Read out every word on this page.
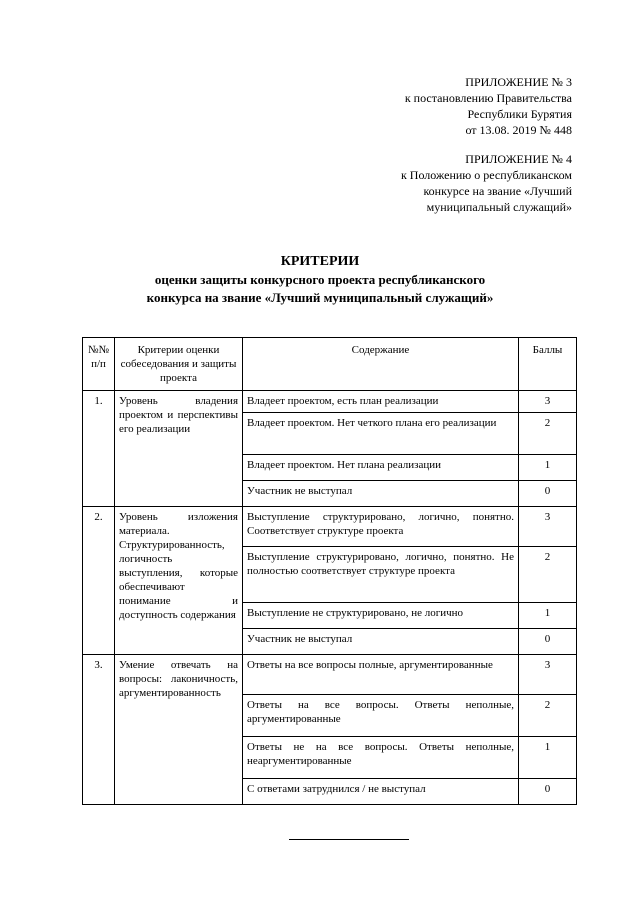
ПРИЛОЖЕНИЕ № 3
к постановлению Правительства
Республики Бурятия
от 13.08. 2019 № 448
ПРИЛОЖЕНИЕ № 4
к Положению о республиканском
конкурсе на звание «Лучший
муниципальный служащий»
КРИТЕРИИ
оценки защиты конкурсного проекта республиканского
конкурса на звание «Лучший муниципальный служащий»
№№ п/п	Критерии оценки собеседования и защиты проекта	Содержание	Баллы
1.	Уровень владения проектом и перспективы его реализации	Владеет проектом, есть план реализации	3
		Владеет проектом. Нет четкого плана его реализации	2
		Владеет проектом. Нет плана реализации	1
		Участник не выступал	0
2.	Уровень изложения материала. Структурированность, логичность выступления, которые обеспечивают понимание и доступность содержания	Выступление структурировано, логично, понятно. Соответствует структуре проекта	3
		Выступление структурировано, логично, понятно. Не полностью соответствует структуре проекта	2
		Выступление не структурировано, не логично	1
		Участник не выступал	0
3.	Умение отвечать на вопросы: лаконичность, аргументированность	Ответы на все вопросы полные, аргументированные	3
		Ответы на все вопросы. Ответы неполные, аргументированные	2
		Ответы не на все вопросы. Ответы неполные, неаргументированные	1
		С ответами затруднился / не выступал	0
